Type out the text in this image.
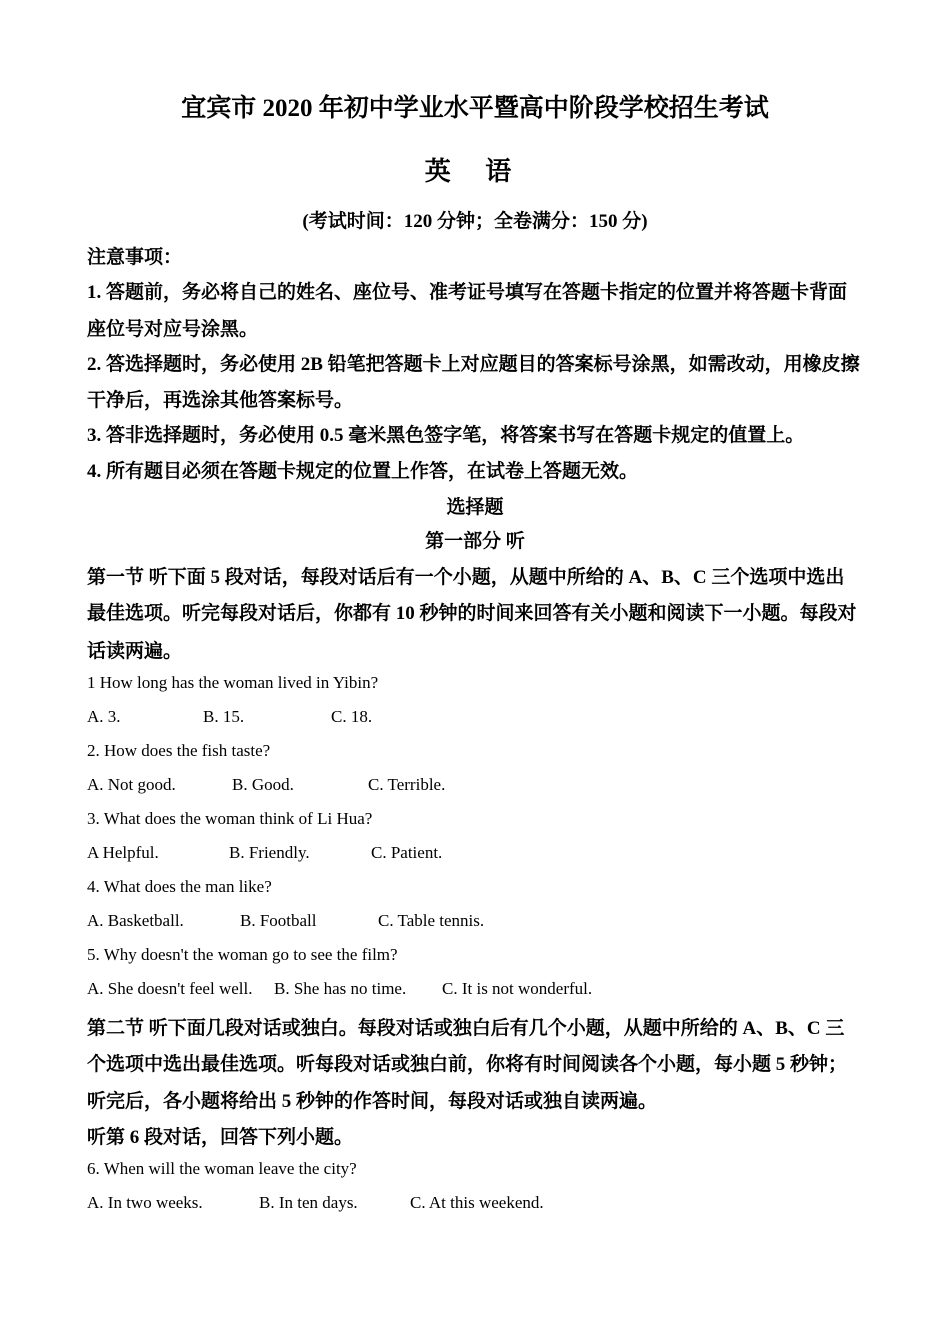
宜宾市 2020 年初中学业水平暨高中阶段学校招生考试
英 语
(考试时间：120 分钟；全卷满分：150 分)
注意事项：
1. 答题前，务必将自己的姓名、座位号、准考证号填写在答题卡指定的位置并将答题卡背面
座位号对应号涂黑。
2. 答选择题时，务必使用 2B 铅笔把答题卡上对应题目的答案标号涂黑，如需改动，用橡皮擦
干净后，再选涂其他答案标号。
3. 答非选择题时，务必使用 0.5 毫米黑色签字笔，将答案书写在答题卡规定的值置上。
4. 所有题目必须在答题卡规定的位置上作答，在试卷上答题无效。
选择题
第一部分 听
第一节 听下面 5 段对话，每段对话后有一个小题，从题中所给的 A、B、C 三个选项中选出
最佳选项。听完每段对话后，你都有 10 秒钟的时间来回答有关小题和阅读下一小题。每段对
话读两遍。
1 How long has the woman lived in Yibin?
A. 3.	B. 15.	C. 18.
2. How does the fish taste?
A. Not good.	B. Good.	C. Terrible.
3. What does the woman think of Li Hua?
A Helpful.	B. Friendly.	C. Patient.
4. What does the man like?
A. Basketball.	B. Football	C. Table tennis.
5. Why doesn't the woman go to see the film?
A. She doesn't feel well. B. She has no time. C. It is not wonderful.
第二节 听下面几段对话或独白。每段对话或独白后有几个小题，从题中所给的 A、B、C 三
个选项中选出最佳选项。听每段对话或独白前，你将有时间阅读各个小题，每小题 5 秒钟；
听完后，各小题将给出 5 秒钟的作答时间，每段对话或独自读两遍。
听第 6 段对话，回答下列小题。
6. When will the woman leave the city?
A. In two weeks.	B. In ten days.	C. At this weekend.
